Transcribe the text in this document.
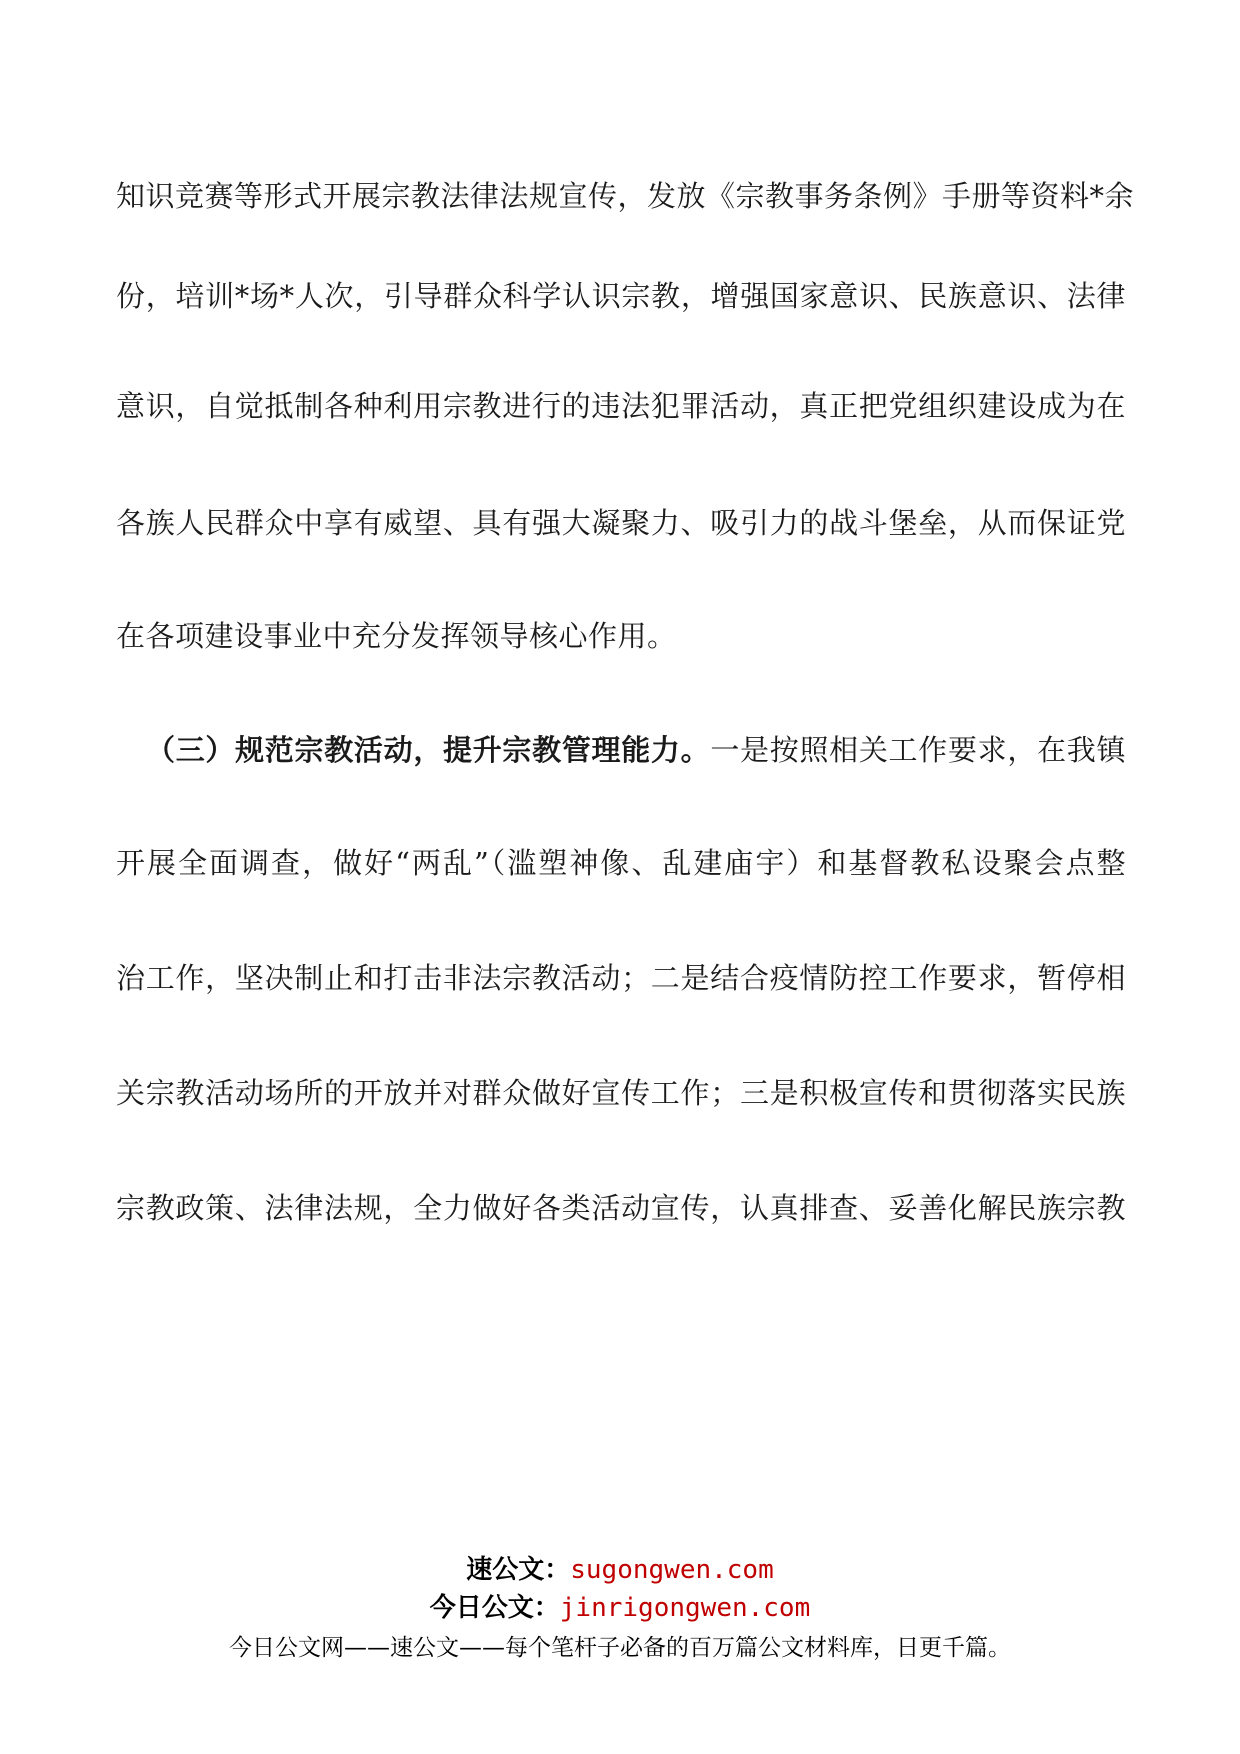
知识竞赛等形式开展宗教法律法规宣传，发放《宗教事务条例》手册等资料*余
份，培训*场*人次，引导群众科学认识宗教，增强国家意识、民族意识、法律
意识，自觉抵制各种利用宗教进行的违法犯罪活动，真正把党组织建设成为在
各族人民群众中享有威望、具有强大凝聚力、吸引力的战斗堡垒，从而保证党
在各项建设事业中充分发挥领导核心作用。
（三）规范宗教活动，提升宗教管理能力。一是按照相关工作要求，在我镇
开展全面调查，做好“两乱”（滥塑神像、乱建庙宇）和基督教私设聚会点整
治工作，坚决制止和打击非法宗教活动；二是结合疫情防控工作要求，暂停相
关宗教活动场所的开放并对群众做好宣传工作；三是积极宣传和贯彻落实民族
宗教政策、法律法规，全力做好各类活动宣传，认真排查、妥善化解民族宗教
速公文：sugongwen.com
今日公文：jinrigongwen.com
今日公文网——速公文——每个笔杆子必备的百万篇公文材料库，日更千篇。
